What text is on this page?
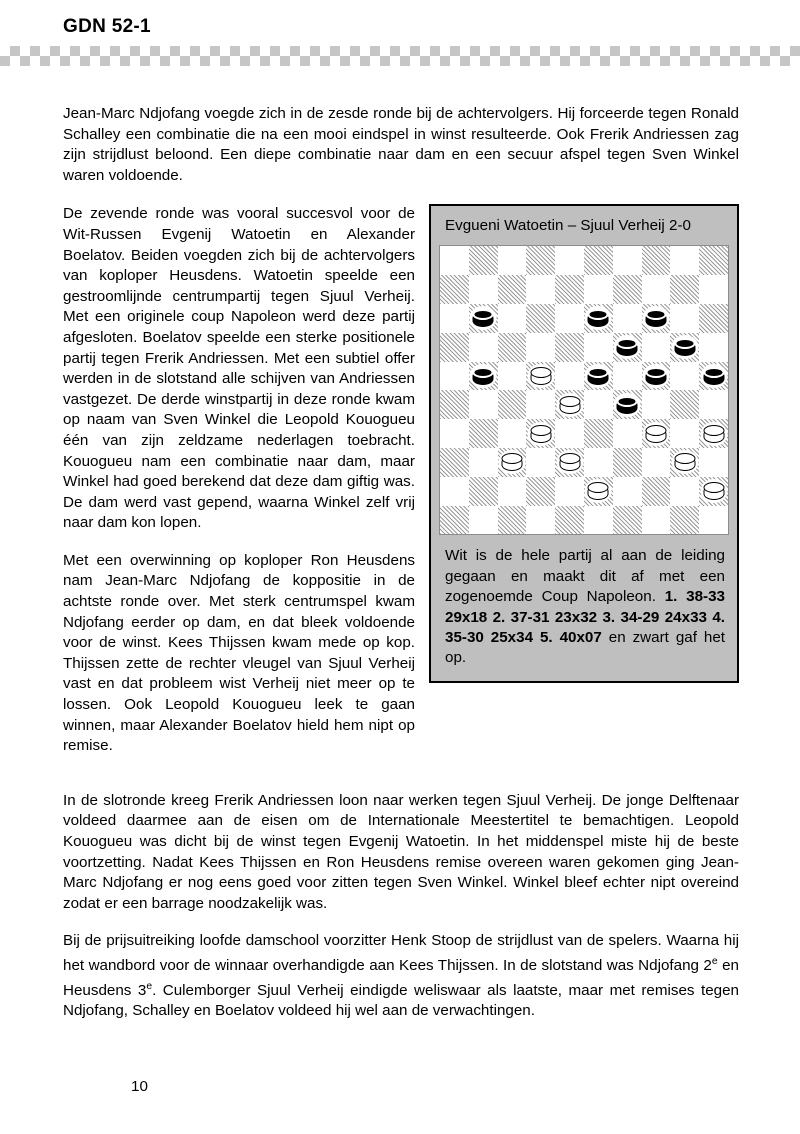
GDN 52-1

Jean-Marc Ndjofang voegde zich in de zesde ronde bij de achtervolgers. Hij forceerde tegen Ronald Schalley een combinatie die na een mooi eindspel in winst resulteerde. Ook Frerik Andriessen zag zijn strijdlust beloond. Een diepe combinatie naar dam en een secuur afspel tegen Sven Winkel waren voldoende.

Evgueni Watoetin – Sjuul Verheij 2-0
Wit is de hele partij al aan de leiding gegaan en maakt dit af met een zogenoemde Coup Napoleon. 1. 38-33 29x18 2. 37-31 23x32 3. 34-29 24x33 4. 35-30 25x34 5. 40x07 en zwart gaf het op.

De zevende ronde was vooral succesvol voor de Wit-Russen Evgenij Watoetin en Alexander Boelatov. Beiden voegden zich bij de achtervolgers van koploper Heusdens. Watoetin speelde een gestroomlijnde centrumpartij tegen Sjuul Verheij. Met een originele coup Napoleon werd deze partij afgesloten. Boelatov speelde een sterke positionele partij tegen Frerik Andriessen. Met een subtiel offer werden in de slotstand alle schijven van Andriessen vastgezet. De derde winstpartij in deze ronde kwam op naam van Sven Winkel die Leopold Kouogueu één van zijn zeldzame nederlagen toebracht. Kouogueu nam een combinatie naar dam, maar Winkel had goed berekend dat deze dam giftig was. De dam werd vast gepend, waarna Winkel zelf vrij naar dam kon lopen.

Met een overwinning op koploper Ron Heusdens nam Jean-Marc Ndjofang de koppositie in de achtste ronde over. Met sterk centrumspel kwam Ndjofang eerder op dam, en dat bleek voldoende voor de winst. Kees Thijssen kwam mede op kop. Thijssen zette de rechter vleugel van Sjuul Verheij vast en dat probleem wist Verheij niet meer op te lossen. Ook Leopold Kouogueu leek te gaan winnen, maar Alexander Boelatov hield hem nipt op remise.

In de slotronde kreeg Frerik Andriessen loon naar werken tegen Sjuul Verheij. De jonge Delftenaar voldeed daarmee aan de eisen om de Internationale Meestertitel te bemachtigen. Leopold Kouogueu was dicht bij de winst tegen Evgenij Watoetin. In het middenspel miste hij de beste voortzetting. Nadat Kees Thijssen en Ron Heusdens remise overeen waren gekomen ging Jean-Marc Ndjofang er nog eens goed voor zitten tegen Sven Winkel. Winkel bleef echter nipt overeind zodat er een barrage noodzakelijk was.

Bij de prijsuitreiking loofde damschool voorzitter Henk Stoop de strijdlust van de spelers. Waarna hij het wandbord voor de winnaar overhandigde aan Kees Thijssen. In de slotstand was Ndjofang 2e en Heusdens 3e. Culemborger Sjuul Verheij eindigde weliswaar als laatste, maar met remises tegen Ndjofang, Schalley en Boelatov voldeed hij wel aan de verwachtingen.

10
